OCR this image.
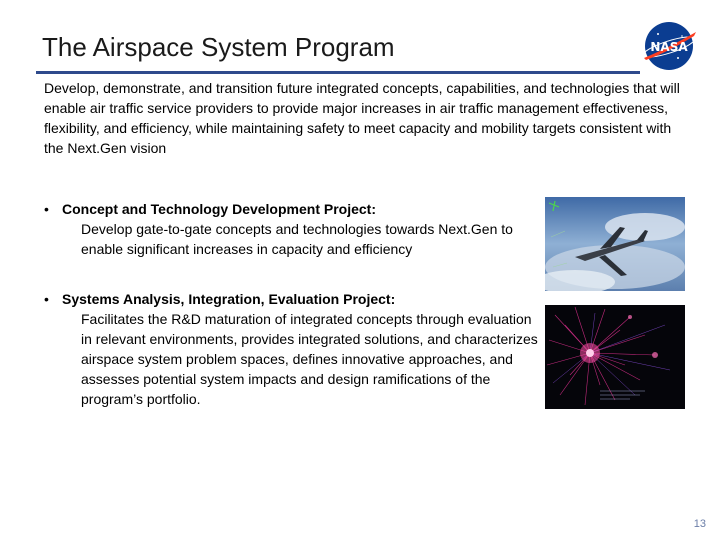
The Airspace System Program	NASA
Develop, demonstrate, and transition future integrated concepts, capabilities, and technologies that will enable air traffic service providers to provide major increases in air traffic management effectiveness, flexibility, and efficiency, while maintaining safety to meet capacity and mobility targets consistent with the Next.Gen vision
• Concept and Technology Development Project:
Develop gate-to-gate concepts and technologies towards Next.Gen to enable significant increases in capacity and efficiency
• Systems Analysis, Integration, Evaluation Project:
Facilitates the R&D maturation of integrated concepts through evaluation in relevant environments, provides integrated solutions, and characterizes airspace system problem spaces, defines innovative approaches, and assesses potential system impacts and design ramifications of the program’s portfolio.
13
